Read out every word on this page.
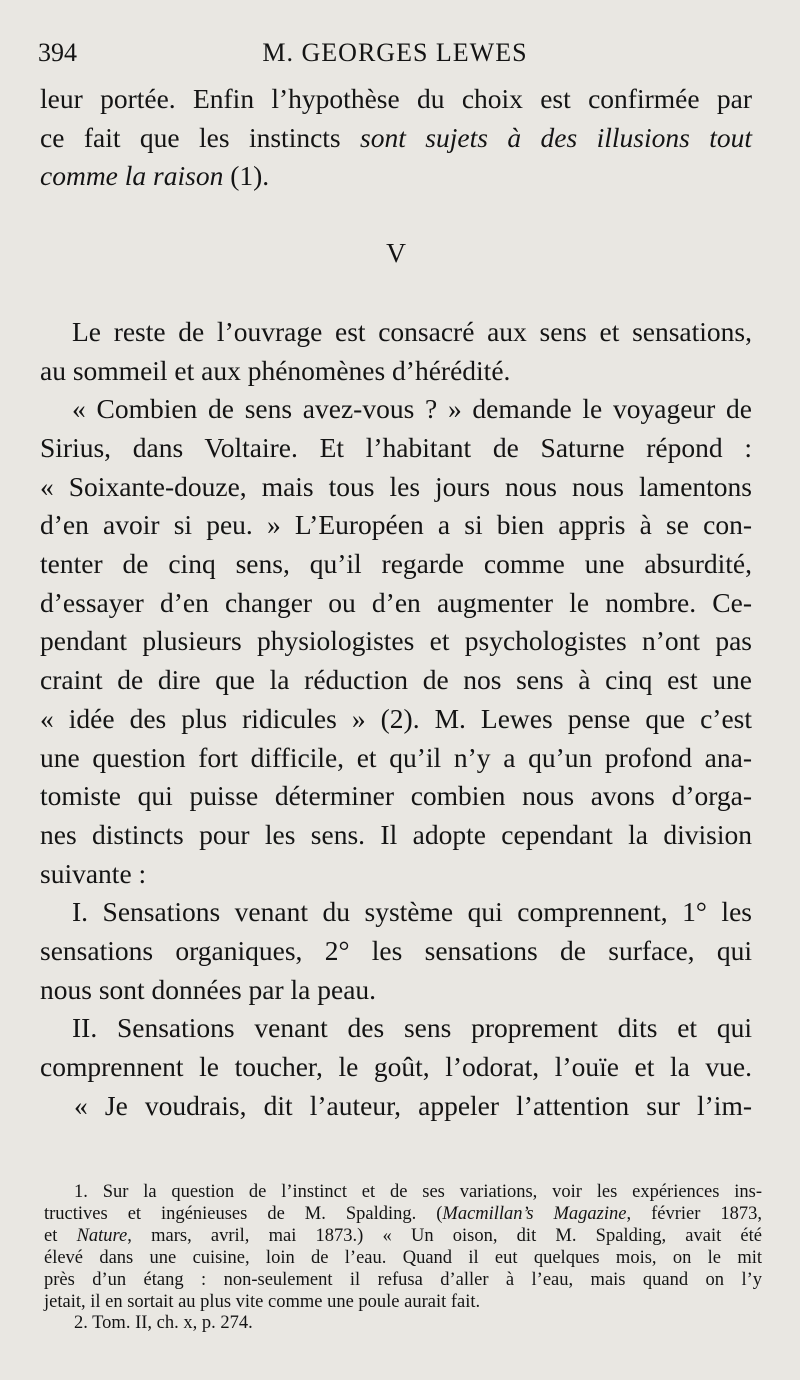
394	M. GEORGES LEWES
leur portée. Enfin l’hypothèse du choix est confirmée par
ce fait que les instincts sont sujets à des illusions tout
comme la raison (1).
V
Le reste de l’ouvrage est consacré aux sens et sensations,
au sommeil et aux phénomènes d’hérédité.
« Combien de sens avez-vous ? » demande le voyageur de
Sirius, dans Voltaire. Et l’habitant de Saturne répond :
« Soixante-douze, mais tous les jours nous nous lamentons
d’en avoir si peu. » L’Européen a si bien appris à se con-
tenter de cinq sens, qu’il regarde comme une absurdité,
d’essayer d’en changer ou d’en augmenter le nombre. Ce-
pendant plusieurs physiologistes et psychologistes n’ont pas
craint de dire que la réduction de nos sens à cinq est une
« idée des plus ridicules » (2). M. Lewes pense que c’est
une question fort difficile, et qu’il n’y a qu’un profond ana-
tomiste qui puisse déterminer combien nous avons d’orga-
nes distincts pour les sens. Il adopte cependant la division
suivante :
I. Sensations venant du système qui comprennent, 1° les
sensations organiques, 2° les sensations de surface, qui
nous sont données par la peau.
II. Sensations venant des sens proprement dits et qui
comprennent le toucher, le goût, l’odorat, l’ouïe et la vue.
« Je voudrais, dit l’auteur, appeler l’attention sur l’im-
1. Sur la question de l’instinct et de ses variations, voir les expériences ins-
tructives et ingénieuses de M. Spalding. (Macmillan’s Magazine, février 1873,
et Nature, mars, avril, mai 1873.) « Un oison, dit M. Spalding, avait été
élevé dans une cuisine, loin de l’eau. Quand il eut quelques mois, on le mit
près d’un étang : non-seulement il refusa d’aller à l’eau, mais quand on l’y
jetait, il en sortait au plus vite comme une poule aurait fait.
2. Tom. II, ch. x, p. 274.
